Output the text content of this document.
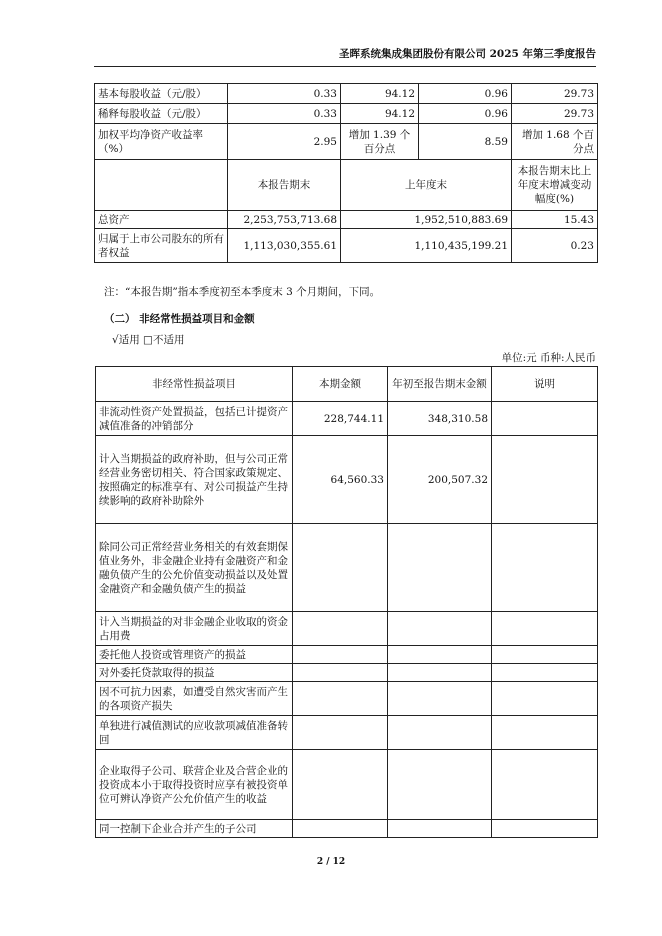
圣晖系统集成集团股份有限公司 2025 年第三季度报告
基本每股收益（元/股）	0.33	94.12	0.96	29.73
稀释每股收益（元/股）	0.33	94.12	0.96	29.73
加权平均净资产收益率（%）	2.95	增加 1.39 个百分点	8.59	增加 1.68 个百分点
	本报告期末	上年度末		本报告期末比上年度末增减变动幅度(%)
总资产	2,253,753,713.68	1,952,510,883.69		15.43
归属于上市公司股东的所有者权益	1,113,030,355.61	1,110,435,199.21		0.23
注：“本报告期”指本季度初至本季度末 3 个月期间，下同。
（二） 非经常性损益项目和金额
√适用 □不适用
单位:元 币种:人民币
非经常性损益项目	本期金额	年初至报告期末金额	说明
非流动性资产处置损益，包括已计提资产减值准备的冲销部分	228,744.11	348,310.58	
计入当期损益的政府补助，但与公司正常经营业务密切相关、符合国家政策规定、按照确定的标准享有、对公司损益产生持续影响的政府补助除外	64,560.33	200,507.32	
除同公司正常经营业务相关的有效套期保值业务外，非金融企业持有金融资产和金融负债产生的公允价值变动损益以及处置金融资产和金融负债产生的损益			
计入当期损益的对非金融企业收取的资金占用费			
委托他人投资或管理资产的损益			
对外委托贷款取得的损益			
因不可抗力因素，如遭受自然灾害而产生的各项资产损失			
单独进行减值测试的应收款项减值准备转回			
企业取得子公司、联营企业及合营企业的投资成本小于取得投资时应享有被投资单位可辨认净资产公允价值产生的收益			
同一控制下企业合并产生的子公司			
2 / 12
